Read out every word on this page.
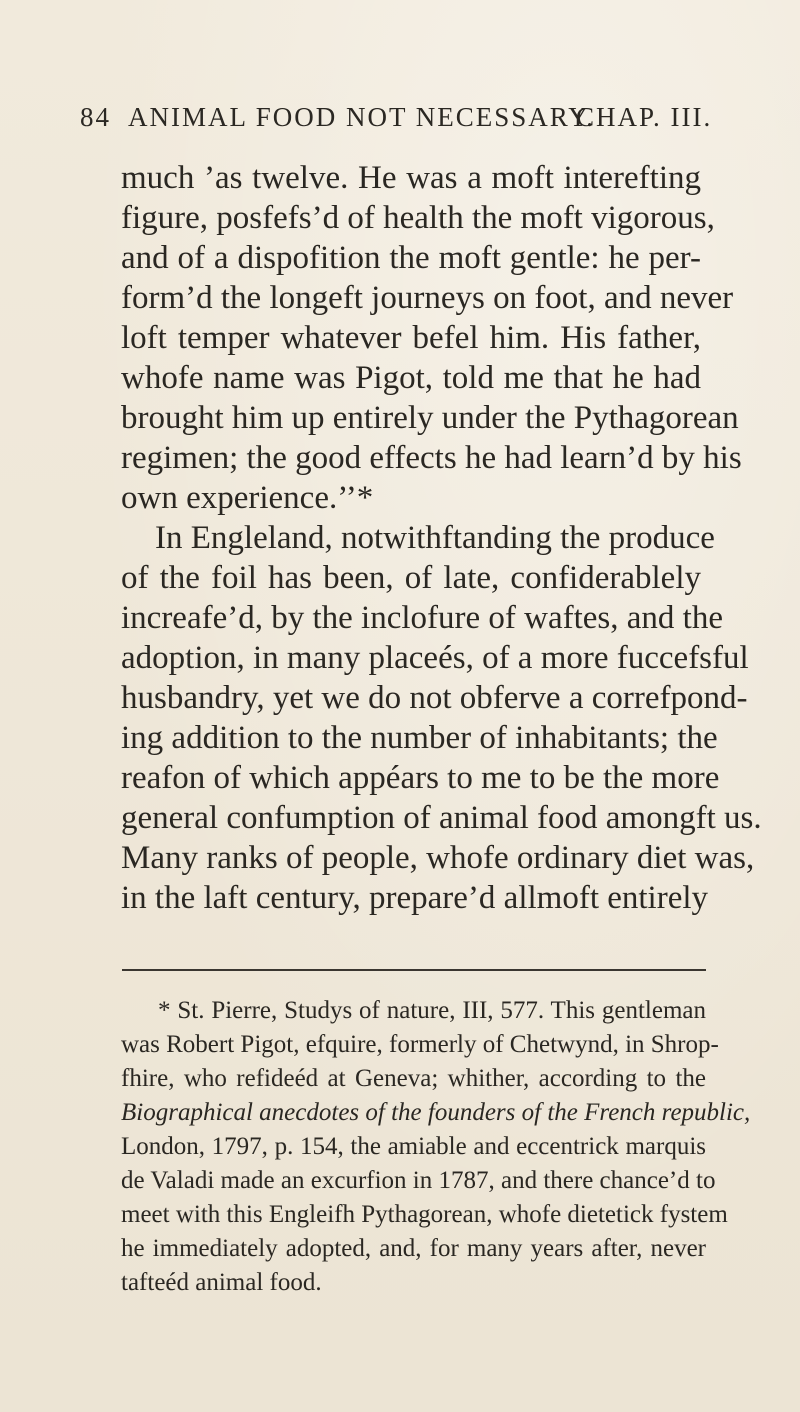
84 ANIMAL FOOD NOT NECESSARY.
CHAP. III.
much ’as twelve. He was a moft interefting
figure, posfefs’d of health the moft vigorous,
and of a dispofition the moft gentle: he per-
form’d the longeft journeys on foot, and never
loft temper whatever befel him. His father,
whofe name was Pigot, told me that he had
brought him up entirely under the Pythagorean
regimen; the good effects he had learn’d by his
own experience.’’*
In Engleland, notwithftanding the produce
of the foil has been, of late, confiderablely
increafe’d, by the inclofure of waftes, and the
adoption, in many placeés, of a more fuccefsful
husbandry, yet we do not obferve a correfpond-
ing addition to the number of inhabitants; the
reafon of which appéars to me to be the more
general confumption of animal food amongft us.
Many ranks of people, whofe ordinary diet was,
in the laft century, prepare’d allmoft entirely
* St. Pierre, Studys of nature, III, 577. This gentleman
was Robert Pigot, efquire, formerly of Chetwynd, in Shrop-
fhire, who refideéd at Geneva; whither, according to the
Biographical anecdotes of the founders of the French republic,
London, 1797, p. 154, the amiable and eccentrick marquis
de Valadi made an excurfion in 1787, and there chance’d to
meet with this Engleifh Pythagorean, whofe dietetick fystem
he immediately adopted, and, for many years after, never
tafteéd animal food.
